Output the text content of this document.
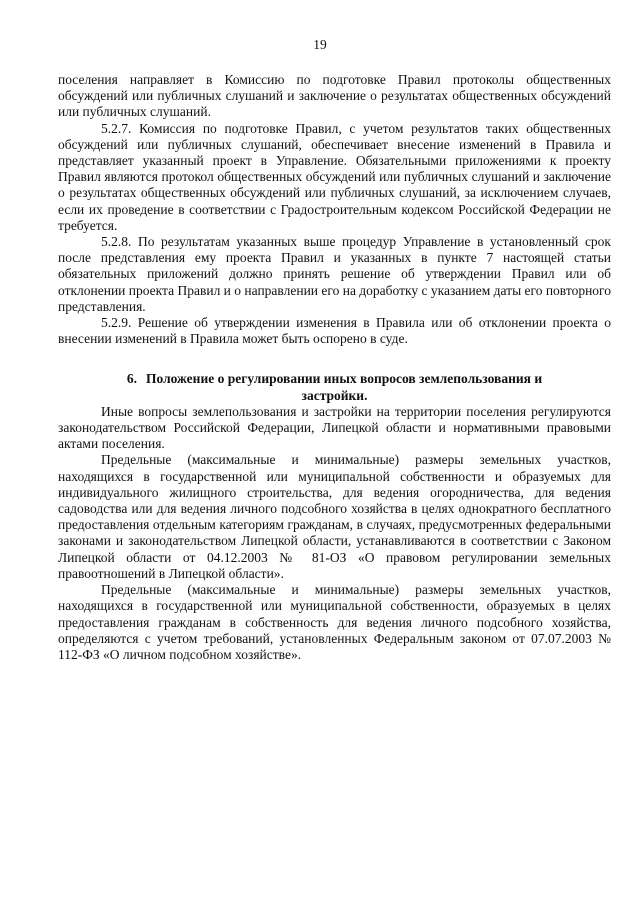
19

поселения направляет в Комиссию по подготовке Правил протоколы общественных обсуждений или публичных слушаний и заключение о результатах общественных обсуждений или публичных слушаний.

5.2.7. Комиссия по подготовке Правил, с учетом результатов таких общественных обсуждений или публичных слушаний, обеспечивает внесение изменений в Правила и представляет указанный проект в Управление. Обязательными приложениями к проекту Правил являются протокол общественных обсуждений или публичных слушаний и заключение о результатах общественных обсуждений или публичных слушаний, за исключением случаев, если их проведение в соответствии с Градостроительным кодексом Российской Федерации не требуется.

5.2.8. По результатам указанных выше процедур Управление в установленный срок после представления ему проекта Правил и указанных в пункте 7 настоящей статьи обязательных приложений должно принять решение об утверждении Правил или об отклонении проекта Правил и о направлении его на доработку с указанием даты его повторного представления.

5.2.9. Решение об утверждении изменения в Правила или об отклонении проекта о внесении изменений в Правила может быть оспорено в суде.

6. Положение о регулировании иных вопросов землепользования и застройки.

Иные вопросы землепользования и застройки на территории поселения регулируются законодательством Российской Федерации, Липецкой области и нормативными правовыми актами поселения.

Предельные (максимальные и минимальные) размеры земельных участков, находящихся в государственной или муниципальной собственности и образуемых для индивидуального жилищного строительства, для ведения огородничества, для ведения садоводства или для ведения личного подсобного хозяйства в целях однократного бесплатного предоставления отдельным категориям гражданам, в случаях, предусмотренных федеральными законами и законодательством Липецкой области, устанавливаются в соответствии с Законом Липецкой области от 04.12.2003 № 81-ОЗ «О правовом регулировании земельных правоотношений в Липецкой области».

Предельные (максимальные и минимальные) размеры земельных участков, находящихся в государственной или муниципальной собственности, образуемых в целях предоставления гражданам в собственность для ведения личного подсобного хозяйства, определяются с учетом требований, установленных Федеральным законом от 07.07.2003 № 112-ФЗ «О личном подсобном хозяйстве».
